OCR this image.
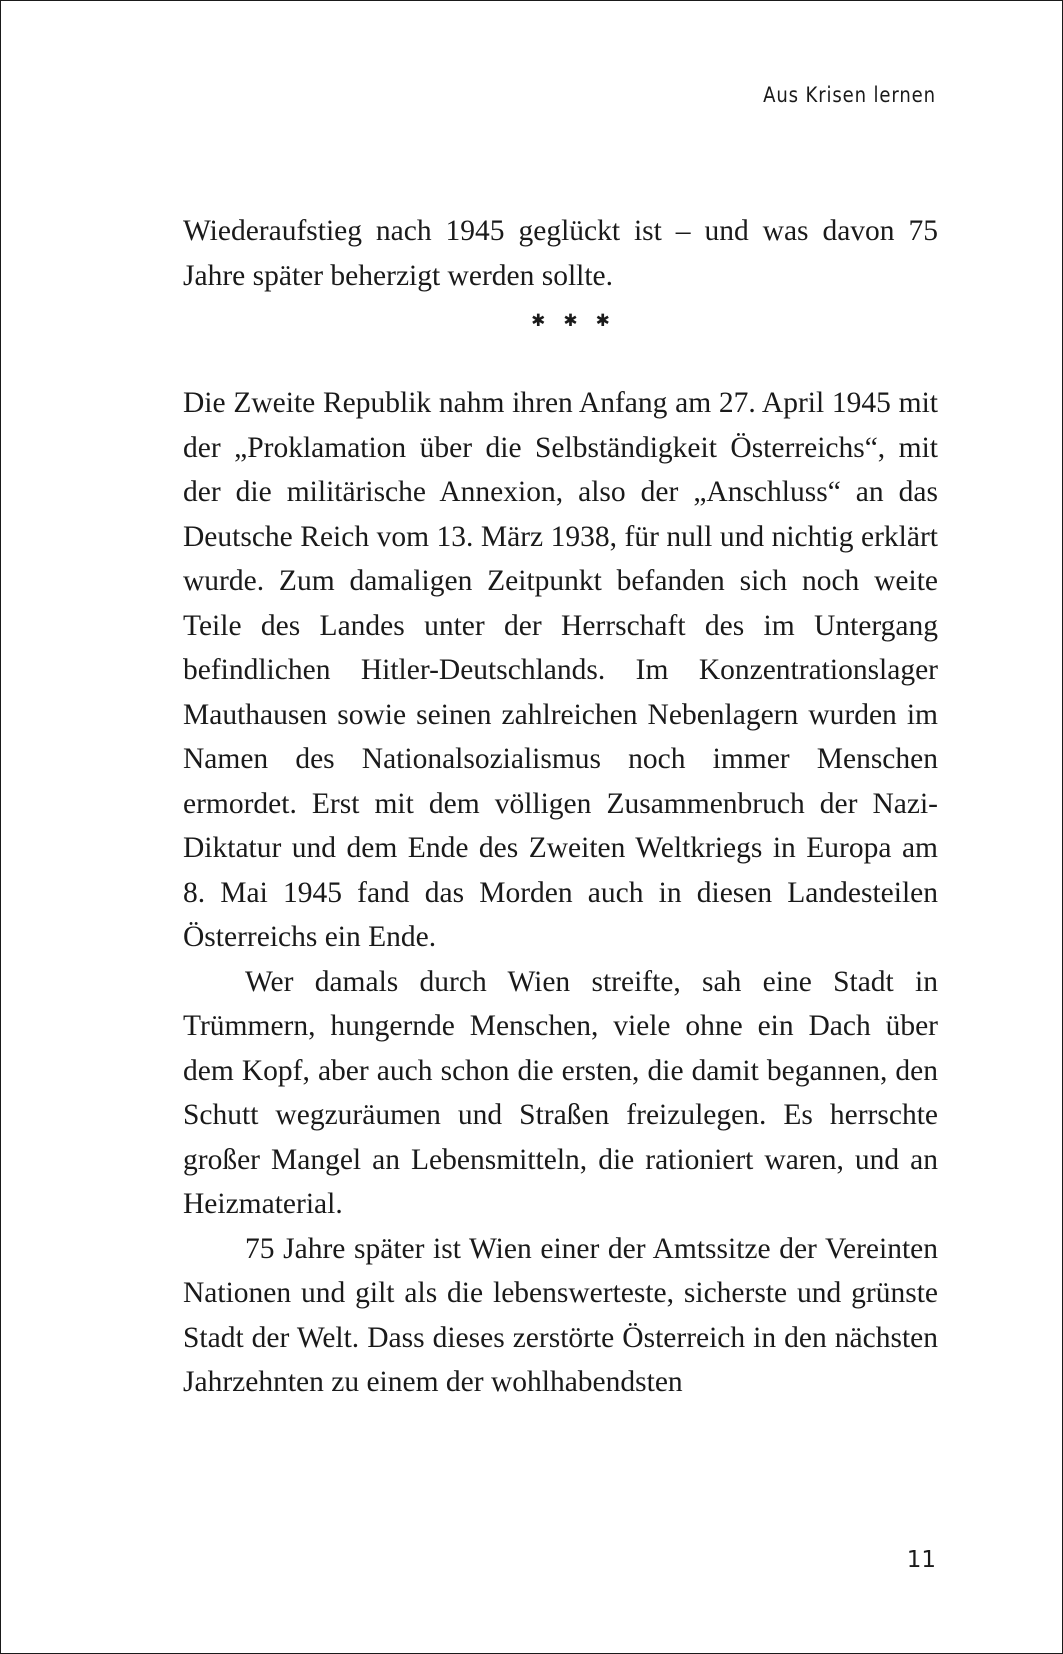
Aus Krisen lernen

Wiederaufstieg nach 1945 geglückt ist – und was davon 75 Jahre später beherzigt werden sollte.

✱ ✱ ✱

Die Zweite Republik nahm ihren Anfang am 27. April 1945 mit der „Proklamation über die Selbständigkeit Österreichs“, mit der die militärische Annexion, also der „Anschluss“ an das Deutsche Reich vom 13. März 1938, für null und nichtig erklärt wurde. Zum damaligen Zeitpunkt befanden sich noch weite Teile des Landes unter der Herrschaft des im Untergang befindlichen Hitler-Deutschlands. Im Konzentrationslager Mauthausen sowie seinen zahlreichen Nebenlagern wurden im Namen des Nationalsozialismus noch immer Menschen ermordet. Erst mit dem völligen Zusammenbruch der Nazi-Diktatur und dem Ende des Zweiten Weltkriegs in Europa am 8. Mai 1945 fand das Morden auch in diesen Landesteilen Österreichs ein Ende.

Wer damals durch Wien streifte, sah eine Stadt in Trümmern, hungernde Menschen, viele ohne ein Dach über dem Kopf, aber auch schon die ersten, die damit begannen, den Schutt wegzuräumen und Straßen freizulegen. Es herrschte großer Mangel an Lebensmitteln, die rationiert waren, und an Heizmaterial.

75 Jahre später ist Wien einer der Amtssitze der Vereinten Nationen und gilt als die lebenswerteste, sicherste und grünste Stadt der Welt. Dass dieses zerstörte Österreich in den nächsten Jahrzehnten zu einem der wohlhabendsten

11
